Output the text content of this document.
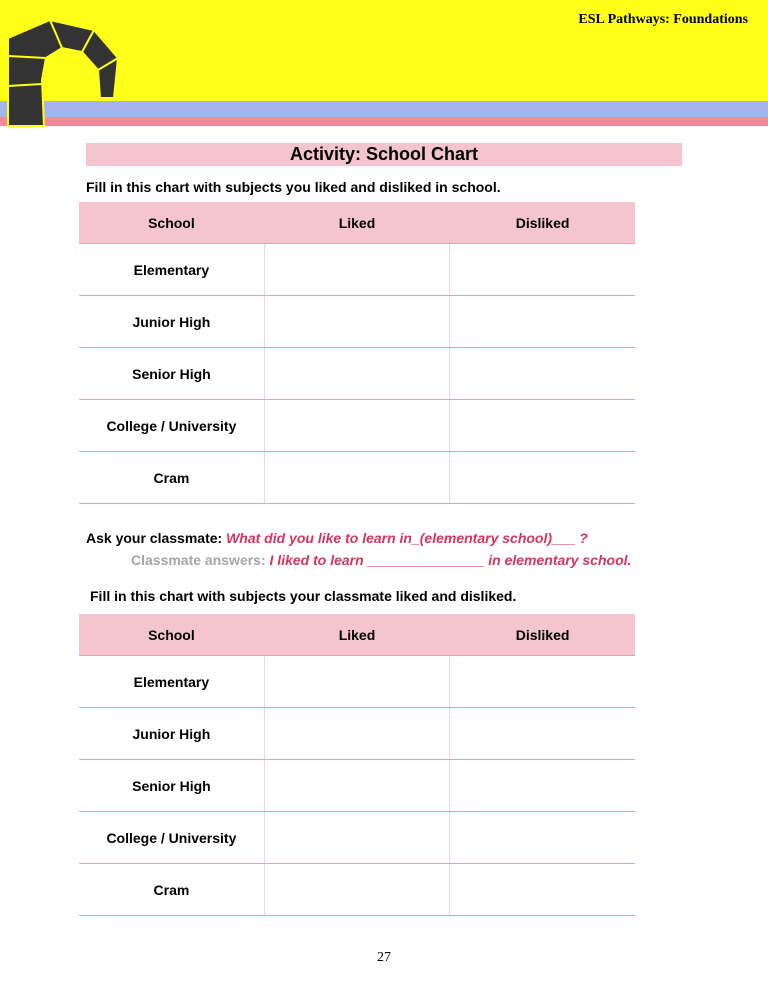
ESL Pathways: Foundations
Activity: School Chart
Fill in this chart with subjects you liked and disliked in school.
School	Liked	Disliked
Elementary		
Junior High		
Senior High		
College / University		
Cram		
Ask your classmate: What did you like to learn in_(elementary school)___ ?
Classmate answers: I liked to learn _______________ in elementary school.
Fill in this chart with subjects your classmate liked and disliked.
School	Liked	Disliked
Elementary		
Junior High		
Senior High		
College / University		
Cram		
27
